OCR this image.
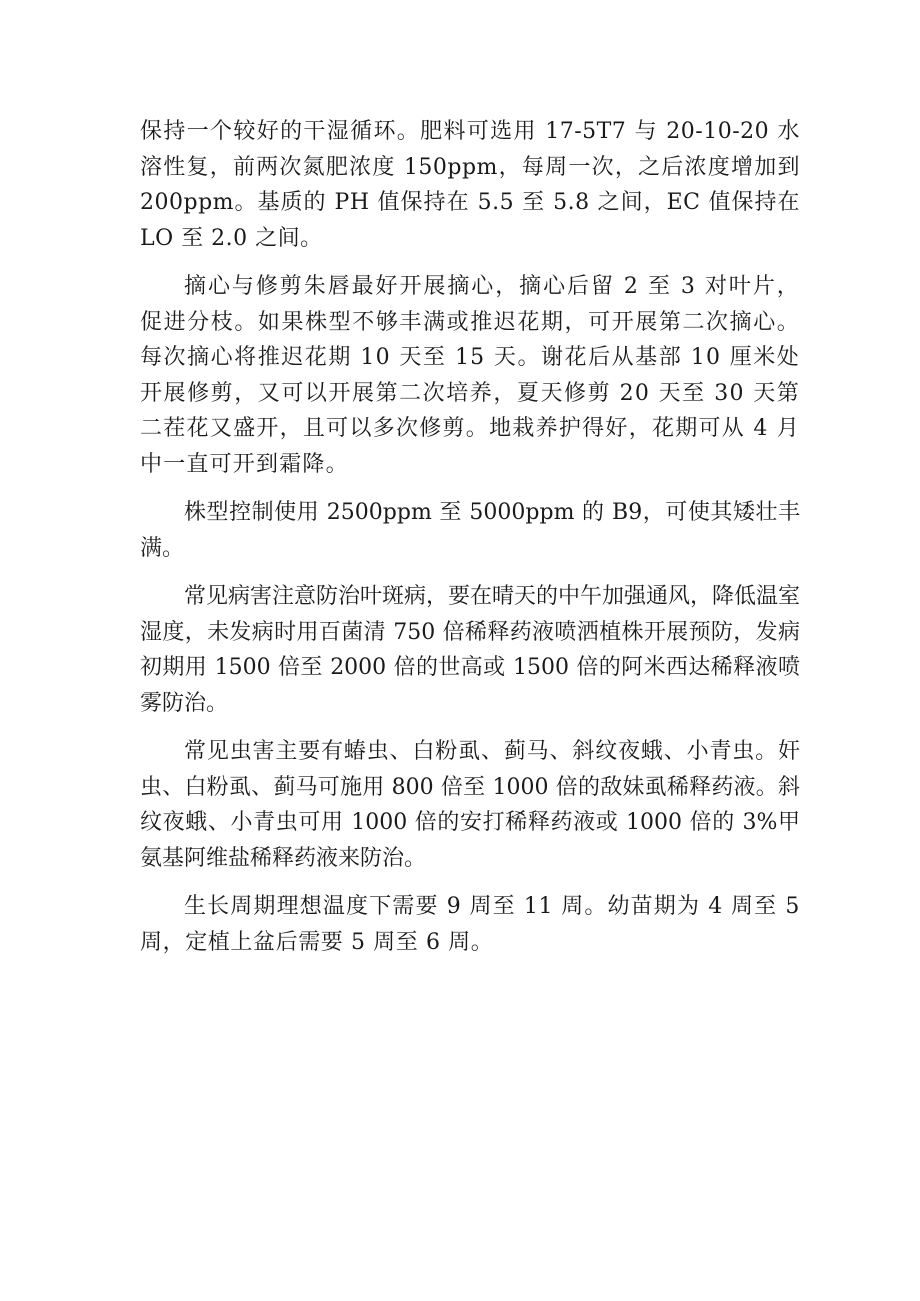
保持一个较好的干湿循环。肥料可选用 17-5T7 与 20-10-20 水溶性复，前两次氮肥浓度 150ppm，每周一次，之后浓度增加到 200ppm。基质的 PH 值保持在 5.5 至 5.8 之间，EC 值保持在 LO 至 2.0 之间。

摘心与修剪朱唇最好开展摘心，摘心后留 2 至 3 对叶片，促进分枝。如果株型不够丰满或推迟花期，可开展第二次摘心。每次摘心将推迟花期 10 天至 15 天。谢花后从基部 10 厘米处开展修剪，又可以开展第二次培养，夏天修剪 20 天至 30 天第二茬花又盛开，且可以多次修剪。地栽养护得好，花期可从 4 月中一直可开到霜降。

株型控制使用 2500ppm 至 5000ppm 的 B9，可使其矮壮丰满。

常见病害注意防治叶斑病，要在晴天的中午加强通风，降低温室湿度，未发病时用百菌清 750 倍稀释药液喷洒植株开展预防，发病初期用 1500 倍至 2000 倍的世高或 1500 倍的阿米西达稀释液喷雾防治。

常见虫害主要有蝽虫、白粉虱、蓟马、斜纹夜蛾、小青虫。奸虫、白粉虱、蓟马可施用 800 倍至 1000 倍的敌妹虱稀释药液。斜纹夜蛾、小青虫可用 1000 倍的安打稀释药液或 1000 倍的 3%甲氨基阿维盐稀释药液来防治。

生长周期理想温度下需要 9 周至 11 周。幼苗期为 4 周至 5 周，定植上盆后需要 5 周至 6 周。
